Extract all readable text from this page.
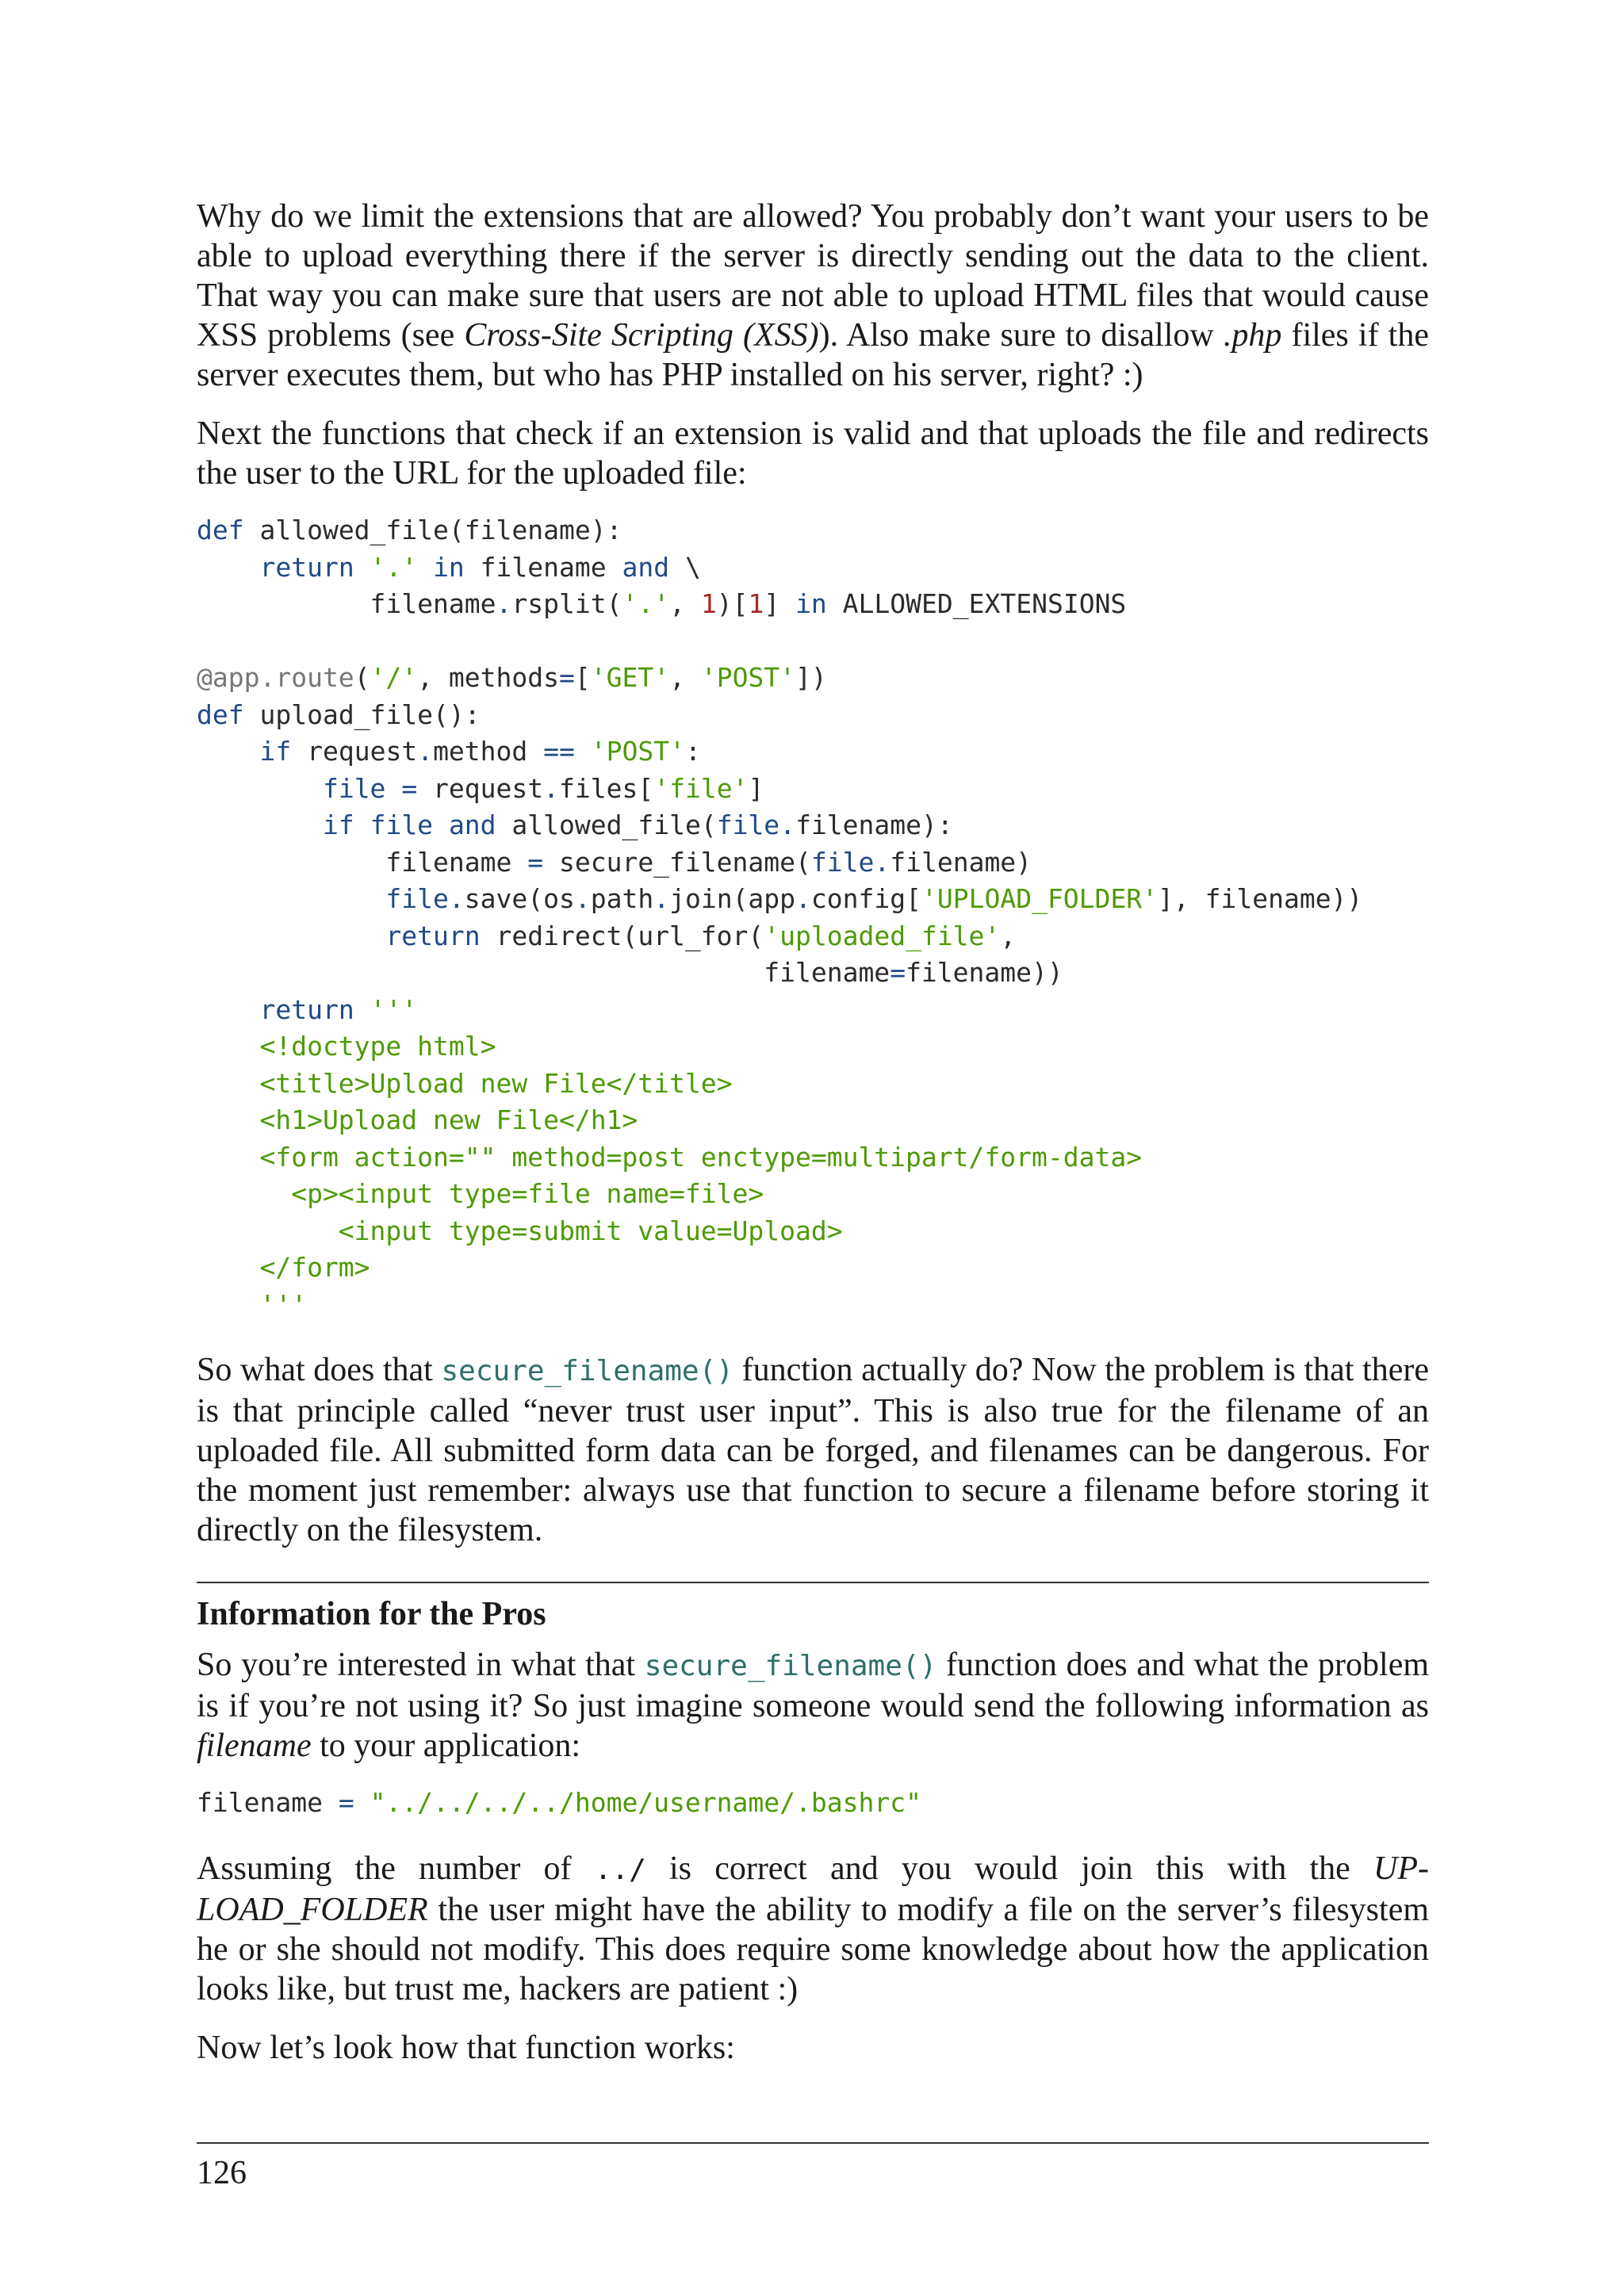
Why do we limit the extensions that are allowed? You probably don’t want your users to be able to upload everything there if the server is directly sending out the data to the client. That way you can make sure that users are not able to upload HTML files that would cause XSS problems (see Cross-Site Scripting (XSS)). Also make sure to disallow .php files if the server executes them, but who has PHP installed on his server, right? :)

Next the functions that check if an extension is valid and that uploads the file and redirects the user to the URL for the uploaded file:

def allowed_file(filename):
return '.' in filename and \
filename.rsplit('.', 1)[1] in ALLOWED_EXTENSIONS

@app.route('/', methods=['GET', 'POST'])
def upload_file():
if request.method == 'POST':
file = request.files['file']
if file and allowed_file(file.filename):
filename = secure_filename(file.filename)
file.save(os.path.join(app.config['UPLOAD_FOLDER'], filename))
return redirect(url_for('uploaded_file',
filename=filename))
return '''
<!doctype html>
<title>Upload new File</title>
<h1>Upload new File</h1>
<form action="" method=post enctype=multipart/form-data>
<p><input type=file name=file>
<input type=submit value=Upload>
</form>
'''

So what does that secure_filename() function actually do? Now the problem is that there is that principle called “never trust user input”. This is also true for the filename of an uploaded file. All submitted form data can be forged, and filenames can be dangerous. For the moment just remember: always use that function to secure a filename before storing it directly on the filesystem.

Information for the Pros

So you’re interested in what that secure_filename() function does and what the problem is if you’re not using it? So just imagine someone would send the following information as filename to your application:

filename = "../../../../home/username/.bashrc"

Assuming the number of ../ is correct and you would join this with the UPLOAD_FOLDER the user might have the ability to modify a file on the server’s filesystem he or she should not modify. This does require some knowledge about how the application looks like, but trust me, hackers are patient :)

Now let’s look how that function works:

126
